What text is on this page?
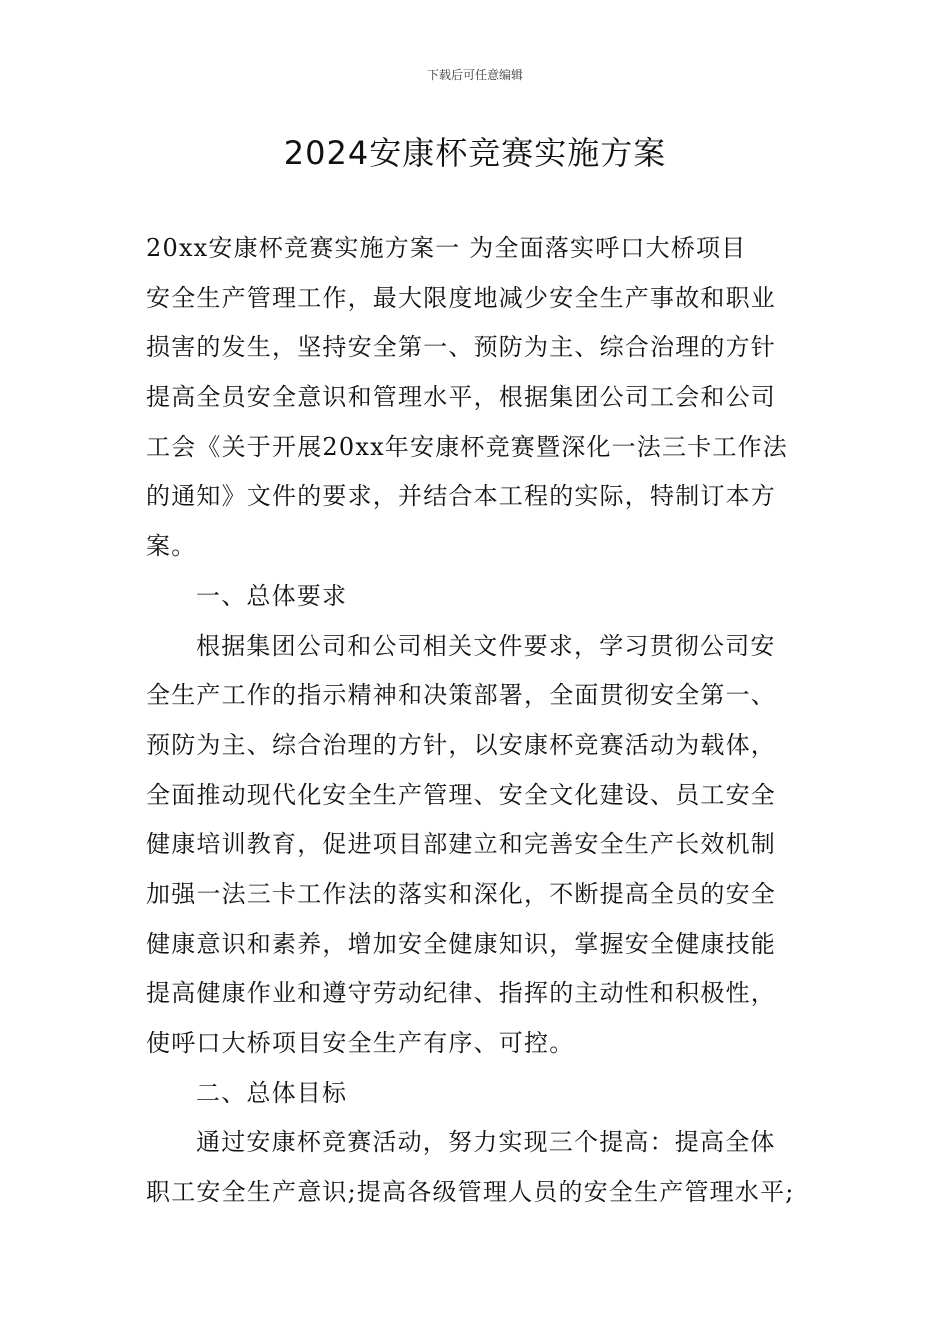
下载后可任意编辑
2024安康杯竞赛实施方案
20xx安康杯竞赛实施方案一 为全面落实呼口大桥项目
安全生产管理工作，最大限度地减少安全生产事故和职业
损害的发生，坚持安全第一、预防为主、综合治理的方针
提高全员安全意识和管理水平，根据集团公司工会和公司
工会《关于开展20xx年安康杯竞赛暨深化一法三卡工作法
的通知》文件的要求，并结合本工程的实际，特制订本方
案。
一、总体要求
根据集团公司和公司相关文件要求，学习贯彻公司安
全生产工作的指示精神和决策部署，全面贯彻安全第一、
预防为主、综合治理的方针，以安康杯竞赛活动为载体，
全面推动现代化安全生产管理、安全文化建设、员工安全
健康培训教育，促进项目部建立和完善安全生产长效机制
加强一法三卡工作法的落实和深化，不断提高全员的安全
健康意识和素养，增加安全健康知识，掌握安全健康技能
提高健康作业和遵守劳动纪律、指挥的主动性和积极性，
使呼口大桥项目安全生产有序、可控。
二、总体目标
通过安康杯竞赛活动，努力实现三个提高：提高全体
职工安全生产意识;提高各级管理人员的安全生产管理水平;
